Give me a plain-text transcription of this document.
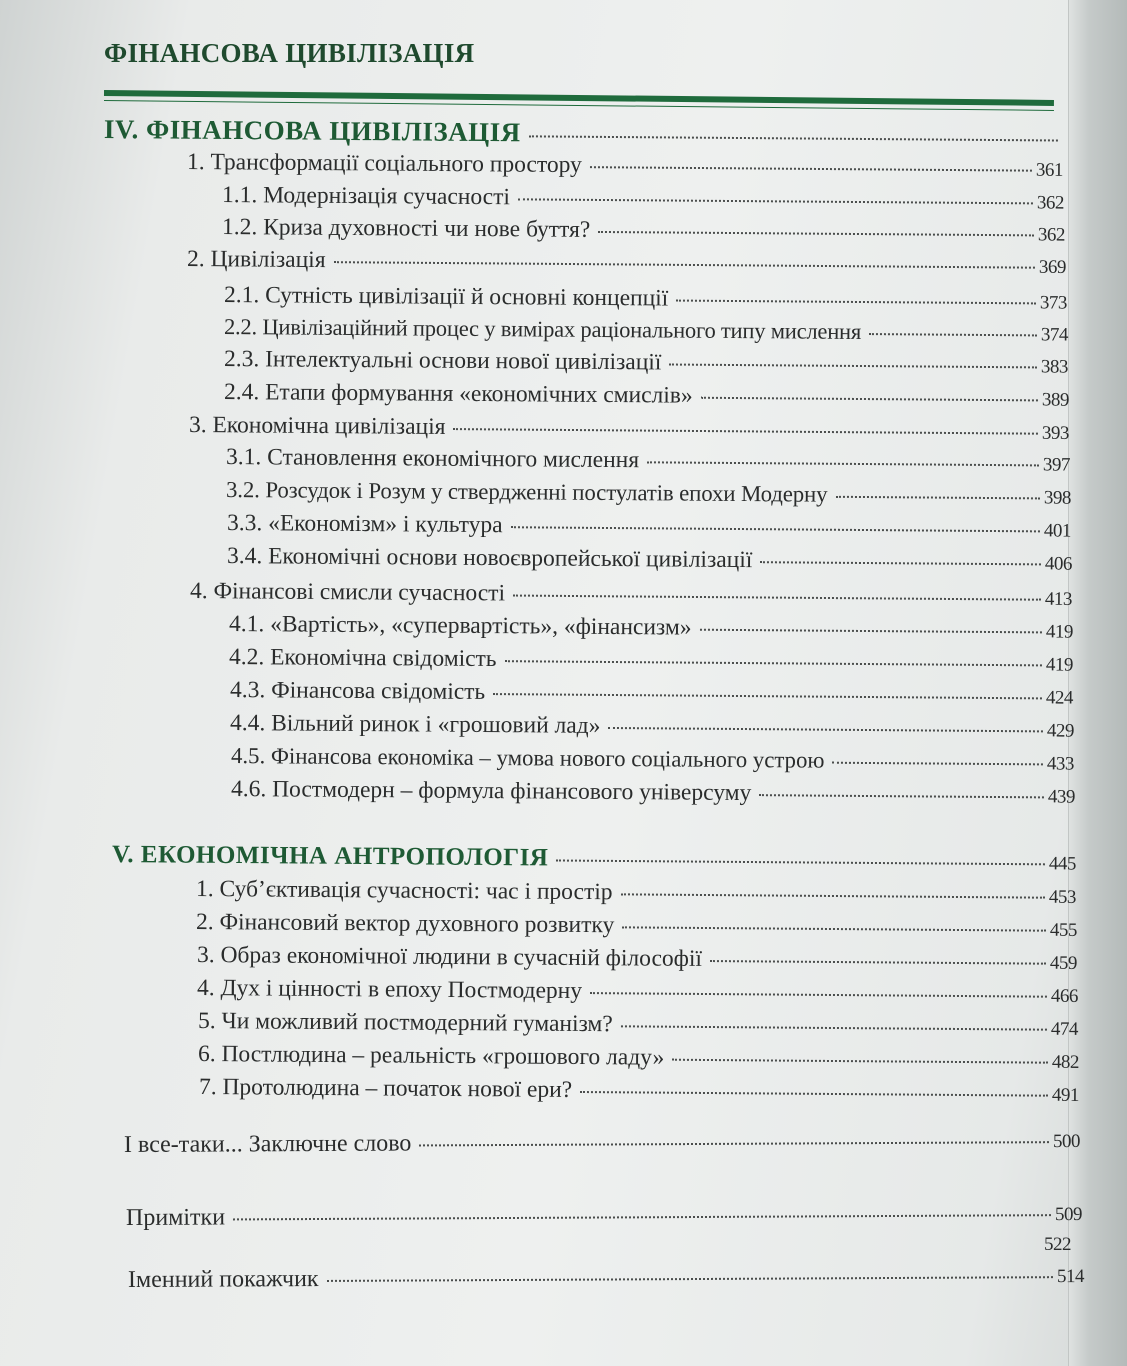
ФІНАНСОВА ЦИВІЛІЗАЦІЯ
IV. ФІНАНСОВА ЦИВІЛІЗАЦІЯ
1. Трансформації соціального простору	361
1.1. Модернізація сучасності	362
1.2. Криза духовності чи нове буття?	362
2. Цивілізація	369
2.1. Сутність цивілізації й основні концепції	373
2.2. Цивілізаційний процес у вимірах раціонального типу мислення	374
2.3. Інтелектуальні основи нової цивілізації	383
2.4. Етапи формування «економічних смислів»	389
3. Економічна цивілізація	393
3.1. Становлення економічного мислення	397
3.2. Розсудок і Розум у ствердженні постулатів епохи Модерну	398
3.3. «Економізм» і культура	401
3.4. Економічні основи новоєвропейської цивілізації	406
4. Фінансові смисли сучасності	413
4.1. «Вартість», «супервартість», «фінансизм»	419
4.2. Економічна свідомість	419
4.3. Фінансова свідомість	424
4.4. Вільний ринок і «грошовий лад»	429
4.5. Фінансова економіка – умова нового соціального устрою	433
4.6. Постмодерн – формула фінансового універсуму	439
V. ЕКОНОМІЧНА АНТРОПОЛОГІЯ	445
1. Суб’єктивація сучасності: час і простір	453
2. Фінансовий вектор духовного розвитку	455
3. Образ економічної людини в сучасній філософії	459
4. Дух і цінності в епоху Постмодерну	466
5. Чи можливий постмодерний гуманізм?	474
6. Постлюдина – реальність «грошового ладу»	482
7. Протолюдина – початок нової ери?	491
І все-таки... Заключне слово	500
Примітки	509
Іменний покажчик	514
522
